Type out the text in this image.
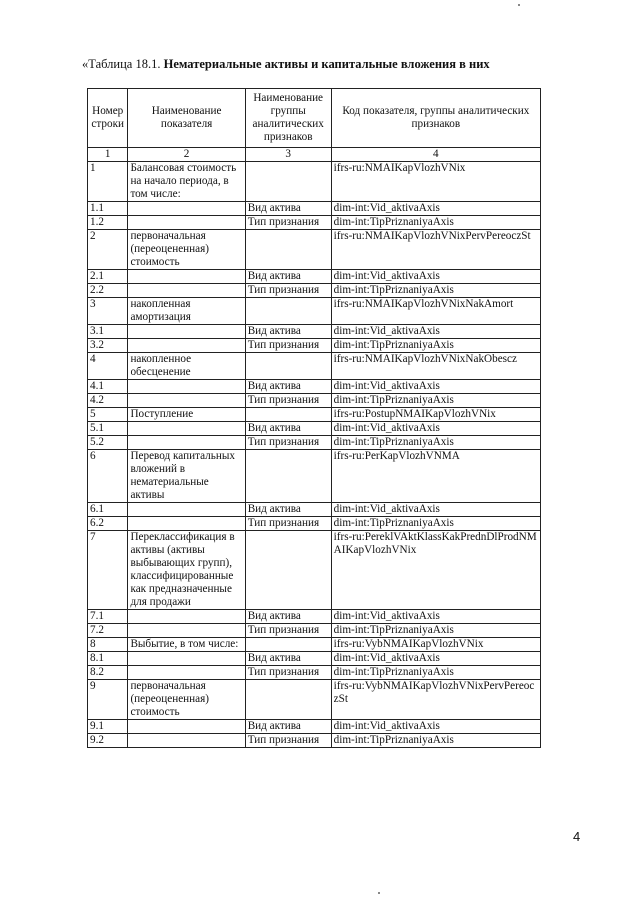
«Таблица 18.1. Нематериальные активы и капитальные вложения в них
Номер строки	Наименование показателя	Наименование группы аналитических признаков	Код показателя, группы аналитических признаков
1	2	3	4
1	Балансовая стоимость на начало периода, в том числе:		ifrs-ru:NMAIKapVlozhVNix
1.1		Вид актива	dim-int:Vid_aktivaAxis
1.2		Тип признания	dim-int:TipPriznaniyaAxis
2	первоначальная (переоцененная) стоимость		ifrs-ru:NMAIKapVlozhVNixPervPereoczSt
2.1		Вид актива	dim-int:Vid_aktivaAxis
2.2		Тип признания	dim-int:TipPriznaniyaAxis
3	накопленная амортизация		ifrs-ru:NMAIKapVlozhVNixNakAmort
3.1		Вид актива	dim-int:Vid_aktivaAxis
3.2		Тип признания	dim-int:TipPriznaniyaAxis
4	накопленное обесценение		ifrs-ru:NMAIKapVlozhVNixNakObescz
4.1		Вид актива	dim-int:Vid_aktivaAxis
4.2		Тип признания	dim-int:TipPriznaniyaAxis
5	Поступление		ifrs-ru:PostupNMAIKapVlozhVNix
5.1		Вид актива	dim-int:Vid_aktivaAxis
5.2		Тип признания	dim-int:TipPriznaniyaAxis
6	Перевод капитальных вложений в нематериальные активы		ifrs-ru:PerKapVlozhVNMA
6.1		Вид актива	dim-int:Vid_aktivaAxis
6.2		Тип признания	dim-int:TipPriznaniyaAxis
7	Переклассификация в активы (активы выбывающих групп), классифицированные как предназначенные для продажи		ifrs-ru:PereklVAktKlassKakPrednDlProdNMAIKapVlozhVNix
7.1		Вид актива	dim-int:Vid_aktivaAxis
7.2		Тип признания	dim-int:TipPriznaniyaAxis
8	Выбытие, в том числе:		ifrs-ru:VybNMAIKapVlozhVNix
8.1		Вид актива	dim-int:Vid_aktivaAxis
8.2		Тип признания	dim-int:TipPriznaniyaAxis
9	первоначальная (переоцененная) стоимость		ifrs-ru:VybNMAIKapVlozhVNixPervPereoczSt
9.1		Вид актива	dim-int:Vid_aktivaAxis
9.2		Тип признания	dim-int:TipPriznaniyaAxis
4
